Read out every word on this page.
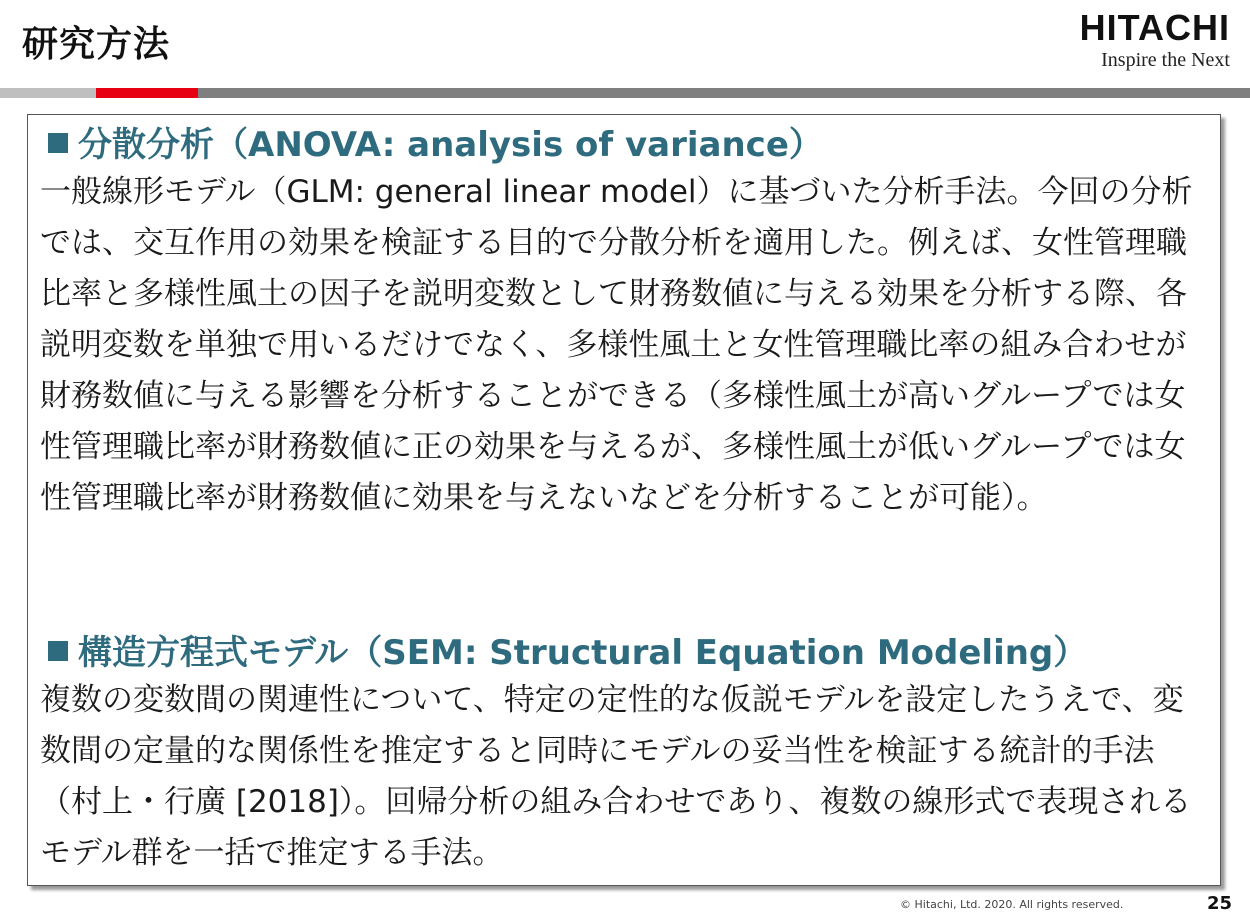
研究方法	HITACHI
Inspire the Next
分散分析（ANOVA: analysis of variance）

一般線形モデル（GLM: general linear model）に基づいた分析手法。今回の分析では、交互作用の効果を検証する目的で分散分析を適用した。例えば、女性管理職比率と多様性風土の因子を説明変数として財務数値に与える効果を分析する際、各説明変数を単独で用いるだけでなく、多様性風土と女性管理職比率の組み合わせが財務数値に与える影響を分析することができる（多様性風土が高いグループでは女性管理職比率が財務数値に正の効果を与えるが、多様性風土が低いグループでは女性管理職比率が財務数値に効果を与えないなどを分析することが可能）。

構造方程式モデル（SEM: Structural Equation Modeling）

複数の変数間の関連性について、特定の定性的な仮説モデルを設定したうえで、変数間の定量的な関係性を推定すると同時にモデルの妥当性を検証する統計的手法（村上・行廣 [2018]）。回帰分析の組み合わせであり、複数の線形式で表現されるモデル群を一括で推定する手法。

© Hitachi, Ltd. 2020. All rights reserved.	25
